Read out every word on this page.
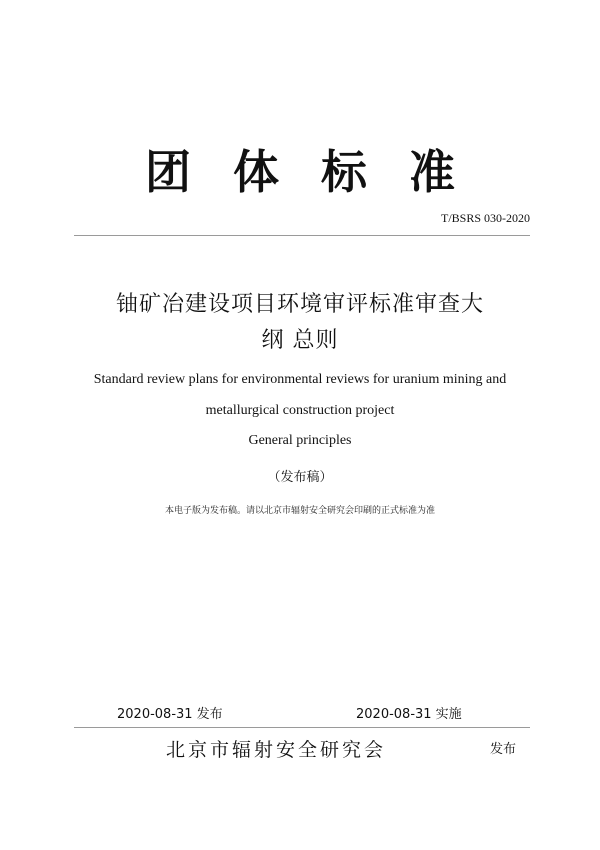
团体标准
T/BSRS 030-2020
铀矿冶建设项目环境审评标准审查大
纲 总则
Standard review plans for environmental reviews for uranium mining and
metallurgical construction project
General principles
（发布稿）
本电子版为发布稿。请以北京市辐射安全研究会印刷的正式标准为准
2020-08-31 发布	2020-08-31 实施
北京市辐射安全研究会	发布
